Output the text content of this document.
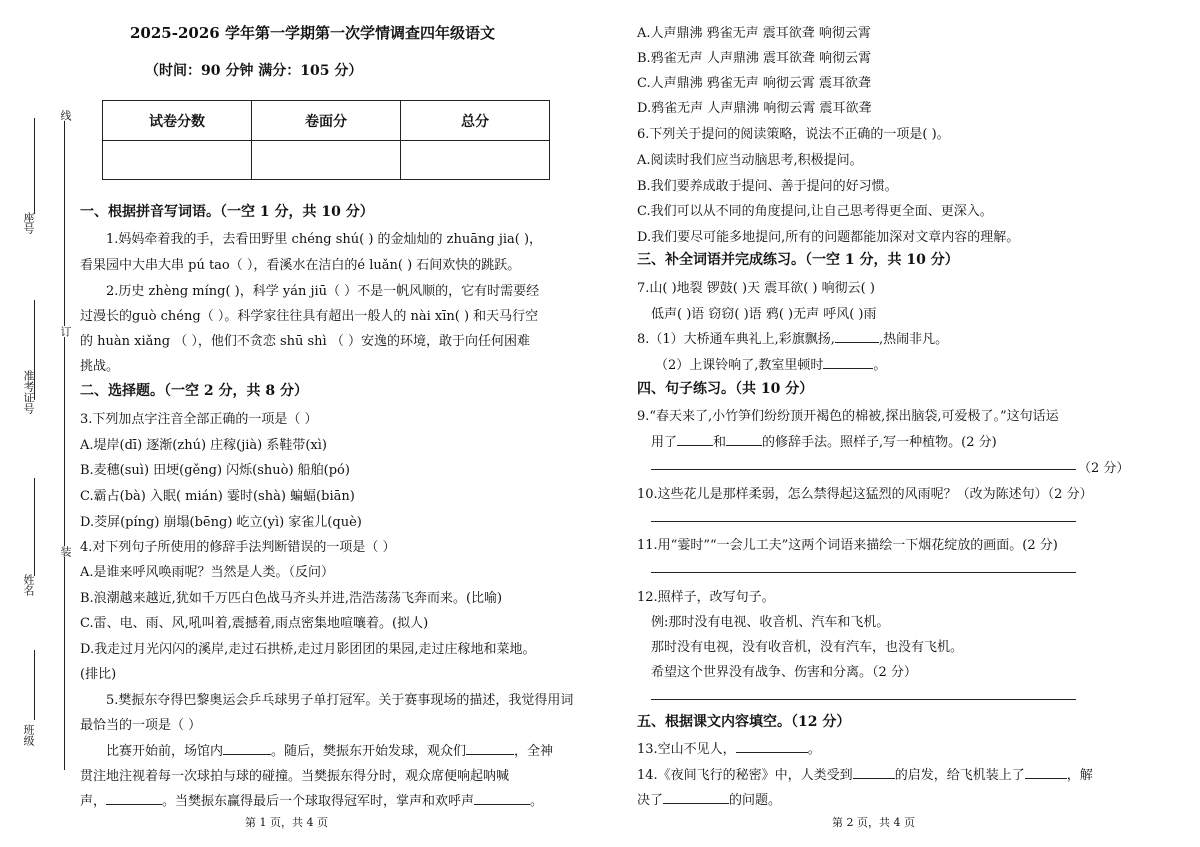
线
订
装
座号
准考证号
姓名
班级
2025-2026 学年第一学期第一次学情调查四年级语文
（时间：90 分钟 满分：105 分）
试卷分数	卷面分	总分

一、根据拼音写词语。（一空 1 分，共 10 分）
1.妈妈牵着我的手，去看田野里 chéng shú( ) 的金灿灿的 zhuāng jia( )，
看果园中大串大串 pú tao（ ），看溪水在洁白的é luǎn( ) 石间欢快的跳跃。
2.历史 zhèng míng( )，科学 yán jiū（ ）不是一帆风顺的，它有时需要经
过漫长的guò chéng（ ）。科学家往往具有超出一般人的 nài xīn( ) 和天马行空
的 huàn xiǎng （ ），他们不贪恋 shū shì （ ）安逸的环境，敢于向任何困难
挑战。
二、选择题。（一空 2 分，共 8 分）
3.下列加点字注音全部正确的一项是（ ）
A.堤岸(dī) 逐渐(zhú) 庄稼(jià) 系鞋带(xì)
B.麦穗(suì) 田埂(gěng) 闪烁(shuò) 船舶(pó)
C.霸占(bà) 入眠( mián) 霎时(shà) 蝙蝠(biān)
D.茭屏(píng) 崩塌(bēng) 屹立(yì) 家雀儿(què)
4.对下列句子所使用的修辞手法判断错误的一项是（ ）
A.是谁来呼风唤雨呢？当然是人类。（反问）
B.浪潮越来越近,犹如千万匹白色战马齐头并进,浩浩荡荡飞奔而来。(比喻)
C.雷、电、雨、风,吼叫着,震撼着,雨点密集地喧嚷着。(拟人)
D.我走过月光闪闪的溪岸,走过石拱桥,走过月影团团的果园,走过庄稼地和菜地。
(排比)
5.樊振东夺得巴黎奥运会乒乓球男子单打冠军。关于赛事现场的描述，我觉得用词
最恰当的一项是（ ）
比赛开始前，场馆内	。随后，樊振东开始发球，观众们	，全神
贯注地注视着每一次球拍与球的碰撞。当樊振东得分时，观众席便响起呐喊
声，	。当樊振东赢得最后一个球取得冠军时，掌声和欢呼声	。
第 1 页，共 4 页
A.人声鼎沸 鸦雀无声 震耳欲聋 响彻云霄
B.鸦雀无声 人声鼎沸 震耳欲聋 响彻云霄
C.人声鼎沸 鸦雀无声 响彻云霄 震耳欲聋
D.鸦雀无声 人声鼎沸 响彻云霄 震耳欲聋
6.下列关于提问的阅读策略，说法不正确的一项是( )。
A.阅读时我们应当动脑思考,积极提问。
B.我们要养成敢于提问、善于提问的好习惯。
C.我们可以从不同的角度提问,让自己思考得更全面、更深入。
D.我们要尽可能多地提问,所有的问题都能加深对文章内容的理解。
三、补全词语并完成练习。（一空 1 分，共 10 分）
7.山( )地裂 锣鼓( )天 震耳欲( ) 响彻云( )
低声( )语 窃窃( )语 鸦( )无声 呼风( )雨
8.（1）大桥通车典礼上,彩旗飘扬,	,热闹非凡。
（2）上课铃响了,教室里顿时	。
四、句子练习。（共 10 分）
9.“春天来了,小竹笋们纷纷顶开褐色的棉被,探出脑袋,可爱极了。”这句话运
用了	和	的修辞手法。照样子,写一种植物。(2 分)
（2 分）
10.这些花儿是那样柔弱，怎么禁得起这猛烈的风雨呢？（改为陈述句）（2 分）
11.用“霎时”“一会儿工夫”这两个词语来描绘一下烟花绽放的画面。(2 分)
12.照样子，改写句子。
例:那时没有电视、收音机、汽车和飞机。
那时没有电视，没有收音机，没有汽车，也没有飞机。
希望这个世界没有战争、伤害和分离。（2 分）
五、根据课文内容填空。（12 分）
13.空山不见人，	。
14.《夜间飞行的秘密》中，人类受到	的启发，给飞机装上了	，解
决了	的问题。
第 2 页，共 4 页
